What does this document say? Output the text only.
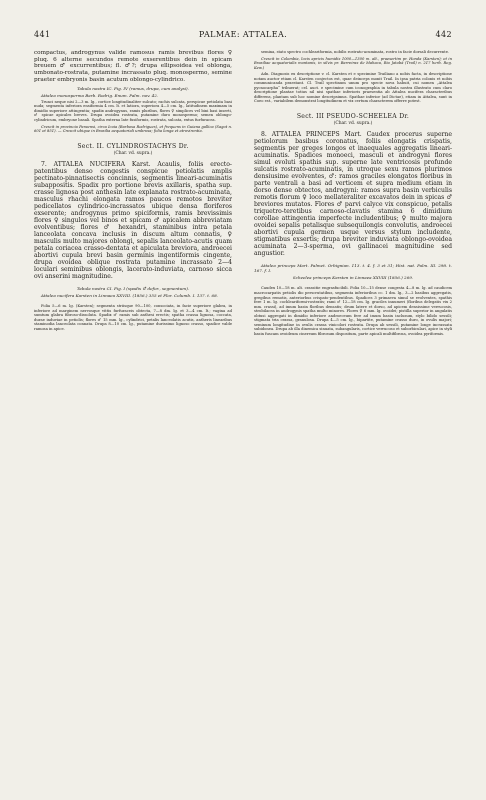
441	PALMAE: ATTALEA.	442

compactus, androgynus valide ramosus ramis brevibus flores ♀ pluq. 6 alterne secundos remote exserentibus dein in spicam breuem ♂ excurrentibus; fl. ♂?; drupa ellipsoidea vel oblonga, umbonato-rostrata, putamine incrassato pluq. monospermo, semine praeter embryonis basin acutum oblongo-cylindrico.

Tabula nostra IC. Fig. IV (ramus, drupa, cum analysi).

Attalea monosperma Barb. Rodrig. Enum. Palm. nov. 42.

Trunci neque nisi 2—3 m. lg., cortice longitudinaliter sulcato; rachis sulcata, perspicue petiolata basi nuda; segmenta inferiora ensiformia 4 cm. lt. et latiora, superiora 4—5 cm. lg., latitudinem maximam in dimidio superiore attingentia; spadix androgynus, ramis pluribus, flores ♀ simplices vel bini basi inserti, ♂ spicae apicales breves. Drupa ovoidea rostrata, putamine duro monospermo; semen oblongo-cylindricum, embryone basali. Spatha externa late fusiformis, rostrata, sulcata, extus furfuracea.

Crescit in provincia Paraensi, circa Icoia (Barbosa Rodrigues), et frequens in Guiana gallica (Sagot n. 601 et 851). — Crescit ubique in Brasilia aequatoriali umbrosa; folia longa et atrovirentia.

Sect. II. CYLINDROSTACHYS Dr.
(Char. vd. supra.)

7. ATTALEA NUCIFERA Karst. Acaulis, foliis erecto-patentibus denso congestis conspicue petiolatis amplis pectinato-pinnatisectis concinnis, segmentis lineari-acuminatis subappositis. Spadix pro portione brevis axillaris, spatha sup. crasse lignosa post anthesin late explanata rostrato-acuminata, masculus rhachi elongata ramos paucos remotos breviter pedicellatos cylindrico-incrassatos ubique densa floriferos exserente; androgynus primo spiciformis, ramis brevissimis flores ♀ singulos vel binos et spicam ♂ apicalem abbreviatam evolventibus; flores ♂ hexandri, staminibus intra petala lanceolata concava inclusis in discum altum connatis, ♀ masculis multo majores oblongi, sepalis lanceolato-acutis quam petala coriacea crasso-dentata et apiculata breviora, androecei abortivi cupula brevi basin germinis ingentiformis cingente, drupa ovoidea oblique rostrata putamine incrassato 2—4 loculari seminibus oblongis, lacerato-induviata, carnoso sicca ovi anserini magnitudine.

Tabula nostra CI. Fig. I (spadix ♂ defor., segmentum).

Attalea nucifera Karsten in Linnaea XXVIII. (1856.) 355 et Flor. Columb. I. 137. t. 68.

Folia 5—6 m. lg. (Karsten); segmenta striisque 90—100, consociata, in facie superiore glabra, in inferiore ad marginem nervosque vittis furfuraceis obtecta, 7—8 dm. lg. et 3—4 cm. lt.; vagina ad sumtum glabra fibroso-dissoluta. Spadix ♂ ramis sub anthesi erectis; spatha crassa lignosa, coccata, durae induviae in petiolis; flores ♂ 15 mm. lg., cylindrici, petalis lanceolatis acutis, antheris linearibus staminodia lanceolata connata. Drupa 8—10 cm. lg., putamine durissimo lignoso crasso, spadice valde ramosa in apice.

semina, stato spectro cochleariformia, nobilis rostrato-acuminata, rostro in facie dorsali decurrente.

Crescit in Colombia, locis apricis humidis 1000—1300 m. alt., praesertim pr. Honda (Karsten); et in Brasiliae aequatorialis montanis, in silvis pr. Barreiras de Mahaca, Rio Jatobá (Trail) n. 217 herb. Reg. Kew.)

Adn. Diagnosis ex descriptione v. cl. Karsten et e specimine Trailiano a nobis facta, in descriptione notam auctor etiam cl. Karsten conjectos est, quae deinceps monit Trail. In ipsa patria colonis et nobis communicanda praestant. Cl. Trail spectinum unum pro specie nova habuit, cui nomen „Attalea pycnocarpha“ tribuerat; cel. auct. e specimine cum iconographia in tabula nostra illustrato cum claro descriptione plantae totius nil nisi spathae inferioris praesentia ab Attalea nucifera characteribus differens, plantam sub hoc nomine descripsimus. Spathae inferior (ad Dictae), etiam in Attalea, sunt in Coeo est., variabilem demonstrat longitudinem et vix certum characterem offerre potest.

Sect. III PSEUDO-SCHEELEA Dr.
(Char. vd. supra.)

8. ATTALEA PRINCEPS Mart. Caudex procerus superne petiolorum basibus coronatus, foliis elongatis crispatis, segmentis per greges longos et inaequales aggregatis lineari-acuminatis. Spadices monoeci, masculi et androgyni flores simul evoluti spathis sup. superne late ventricosis profunde sulcatis rostrato-acuminatis, in utroque sexu ramos plurimos densiusime evolventes, ♂: ramos graciles elongatos floribus in parte ventrali a basi ad verticem et supra medium etiam in dorso dense obtectos, androgyni: ramos supra basin verbiculis remotis florum ♀ loco mellateraliter excavatos dein in spicas ♂ breviores mutatos. Flores ♂ parvi calyce vix conspicuo, petalis triquetro-teretibus carnoso-clavatis stamina 6 dimidium corollae attingentia imperfecte includentibus; ♀ multo majora ovoidei sepalis petalisque subsequilongis convolutis, androecei abortivi cupula germen usque versus stylum includente, stigmatibus exsertis; drupa breviter induviata oblongo-ovoidea acuminata 2—3-sperma, ovi gallinacei magnitudine sed angustior.

Attalea princeps Mart. Palmet. Orbignian. 113. t. 4. f. 3 et 31; Hist. nat. Palm. III. 298. t. 167. f. I.

Scheelea princeps Karsten in Linnaea XXVIII (1856.) 269.

Caudex 10—18 m. alt. crassitie engrasfucibili. Folia 10—15 dense congesta 4—8 m. lg. ad caudicem macrocarpatis petiolis dio perscrutatibus, segmenta inferioribus cc. 1 dm. lg., 3—2 basibus aggregatis, gregibus remotis, anteriorbus crispato-pendentibus. Spadices 3 primaeva simul se evolventes, spathis fere 1 m. lg. cochleariformi-rostratis; rami ♂ 12—18 cm. lg. graciles innumeri (floribus delegatis vix 2 mm. crassi), ad imum basin floribus densatis; drum latere et dorso, ad apicem densissime verrucosis, strobilacea in androgynis spatha multo minores. Flores ♀ 6 mm. lg. ovoidei; pistilla superior in angulatis obtusi aggregati in dimidio inferiore androeceum fere ad imum basin inclusum, stylo bilido sessili; stigmata tria crassa, granulosa. Drupa 4—5 cm. lg., bipartite, putamine crasso duro, in ovulis majori; seminum longitudine in ovulis crassa vinicolori rostrata. Drupa ab sessili, putamine longe incrassata subidonea. Drupa ab illa dinemica sinuata, subangularis, cortice verrucoso et suborbiculari, apice in styli basin fuscam ovoideum cinereum fibrosum dispositum, parte apicali multifibrosa, ovoidea pyriformis.
